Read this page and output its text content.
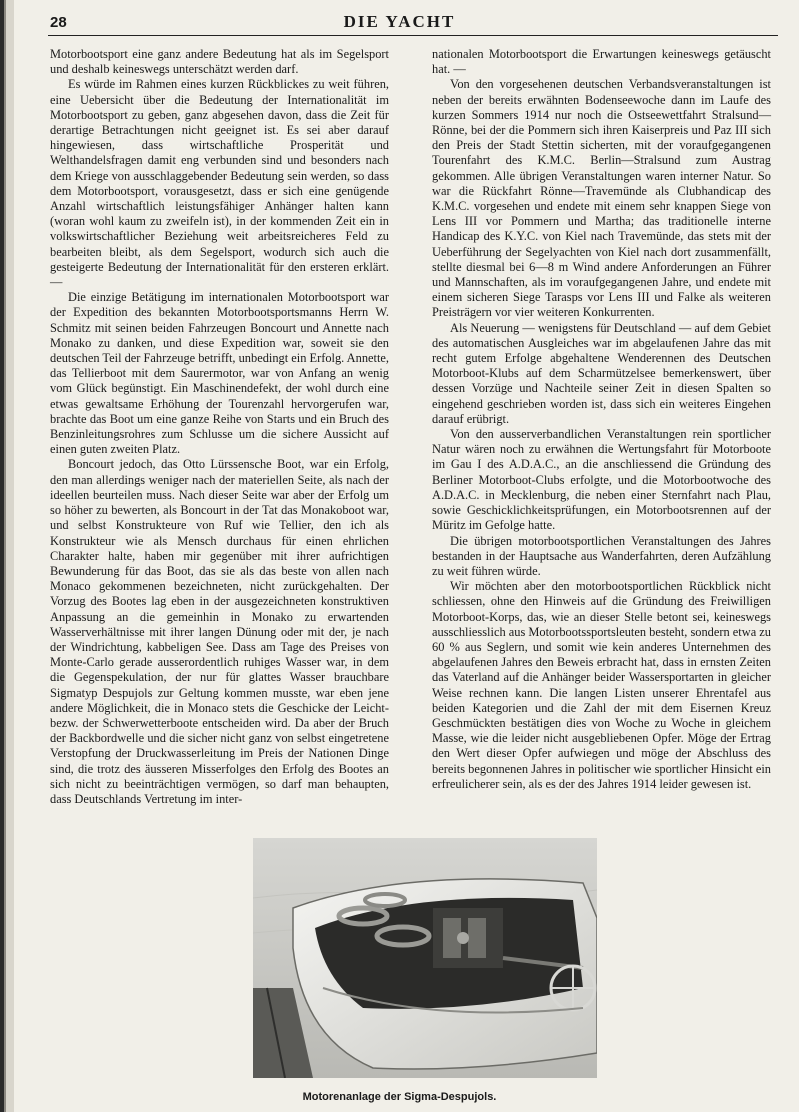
28	DIE YACHT

Motorbootsport eine ganz andere Bedeutung hat als im Segelsport und deshalb keineswegs unterschätzt werden darf.

Es würde im Rahmen eines kurzen Rückblickes zu weit führen, eine Uebersicht über die Bedeutung der Internationalität im Motorbootsport zu geben, ganz abgesehen davon, dass die Zeit für derartige Betrachtungen nicht geeignet ist. Es sei aber darauf hingewiesen, dass wirtschaftliche Prosperität und Welthandelsfragen damit eng verbunden sind und besonders nach dem Kriege von ausschlaggebender Bedeutung sein werden, so dass dem Motorbootsport, vorausgesetzt, dass er sich eine genügende Anzahl wirtschaftlich leistungsfähiger Anhänger halten kann (woran wohl kaum zu zweifeln ist), in der kommenden Zeit ein in volkswirtschaftlicher Beziehung weit arbeitsreicheres Feld zu bearbeiten bleibt, als dem Segelsport, wodurch sich auch die gesteigerte Bedeutung der Internationalität für den ersteren erklärt. —

Die einzige Betätigung im internationalen Motorbootsport war der Expedition des bekannten Motorbootsportsmanns Herrn W. Schmitz mit seinen beiden Fahrzeugen Boncourt und Annette nach Monako zu danken, und diese Expedition war, soweit sie den deutschen Teil der Fahrzeuge betrifft, unbedingt ein Erfolg. Annette, das Tellierboot mit dem Saurermotor, war von Anfang an wenig vom Glück begünstigt. Ein Maschinendefekt, der wohl durch eine etwas gewaltsame Erhöhung der Tourenzahl hervorgerufen war, brachte das Boot um eine ganze Reihe von Starts und ein Bruch des Benzinleitungsrohres zum Schlusse um die sichere Aussicht auf einen guten zweiten Platz.

Boncourt jedoch, das Otto Lürssensche Boot, war ein Erfolg, den man allerdings weniger nach der materiellen Seite, als nach der ideellen beurteilen muss. Nach dieser Seite war aber der Erfolg um so höher zu bewerten, als Boncourt in der Tat das Monakoboot war, und selbst Konstrukteure von Ruf wie Tellier, den ich als Konstrukteur wie als Mensch durchaus für einen ehrlichen Charakter halte, haben mir gegenüber mit ihrer aufrichtigen Bewunderung für das Boot, das sie als das beste von allen nach Monaco gekommenen bezeichneten, nicht zurückgehalten. Der Vorzug des Bootes lag eben in der ausgezeichneten konstruktiven Anpassung an die gemeinhin in Monako zu erwartenden Wasserverhältnisse mit ihrer langen Dünung oder mit der, je nach der Windrichtung, kabbeligen See. Dass am Tage des Preises von Monte-Carlo gerade ausserordentlich ruhiges Wasser war, in dem die Gegenspekulation, der nur für glattes Wasser brauchbare Sigmatyp Despujols zur Geltung kommen musste, war eben jene andere Möglichkeit, die in Monaco stets die Geschicke der Leicht- bezw. der Schwerwetterboote entscheiden wird. Da aber der Bruch der Backbordwelle und die sicher nicht ganz von selbst eingetretene Verstopfung der Druckwasserleitung im Preis der Nationen Dinge sind, die trotz des äusseren Misserfolges den Erfolg des Bootes an sich nicht zu beeinträchtigen vermögen, so darf man behaupten, dass Deutschlands Vertretung im inter-

nationalen Motorbootsport die Erwartungen keineswegs getäuscht hat. —

Von den vorgesehenen deutschen Verbandsveranstaltungen ist neben der bereits erwähnten Bodenseewoche dann im Laufe des kurzen Sommers 1914 nur noch die Ostseewettfahrt Stralsund—Rönne, bei der die Pommern sich ihren Kaiserpreis und Paz III sich den Preis der Stadt Stettin sicherten, mit der voraufgegangenen Tourenfahrt des K.M.C. Berlin—Stralsund zum Austrag gekommen. Alle übrigen Veranstaltungen waren interner Natur. So war die Rückfahrt Rönne—Travemünde als Clubhandicap des K.M.C. vorgesehen und endete mit einem sehr knappen Siege von Lens III vor Pommern und Martha; das traditionelle interne Handicap des K.Y.C. von Kiel nach Travemünde, das stets mit der Ueberführung der Segelyachten von Kiel nach dort zusammenfällt, stellte diesmal bei 6—8 m Wind andere Anforderungen an Führer und Mannschaften, als im voraufgegangenen Jahre, und endete mit einem sicheren Siege Tarasps vor Lens III und Falke als weiteren Preisträgern vor vier weiteren Konkurrenten.

Als Neuerung — wenigstens für Deutschland — auf dem Gebiet des automatischen Ausgleiches war im abgelaufenen Jahre das mit recht gutem Erfolge abgehaltene Wenderennen des Deutschen Motorboot-Klubs auf dem Scharmützelsee bemerkenswert, über dessen Vorzüge und Nachteile seiner Zeit in diesen Spalten so eingehend geschrieben worden ist, dass sich ein weiteres Eingehen darauf erübrigt.

Von den ausserverbandlichen Veranstaltungen rein sportlicher Natur wären noch zu erwähnen die Wertungsfahrt für Motorboote im Gau I des A.D.A.C., an die anschliessend die Gründung des Berliner Motorboot-Clubs erfolgte, und die Motorbootwoche des A.D.A.C. in Mecklenburg, die neben einer Sternfahrt nach Plau, sowie Geschicklichkeitsprüfungen, ein Motorbootsrennen auf der Müritz im Gefolge hatte.

Die übrigen motorbootsportlichen Veranstaltungen des Jahres bestanden in der Hauptsache aus Wanderfahrten, deren Aufzählung zu weit führen würde.

Wir möchten aber den motorbootsportlichen Rückblick nicht schliessen, ohne den Hinweis auf die Gründung des Freiwilligen Motorboot-Korps, das, wie an dieser Stelle betont sei, keineswegs ausschliesslich aus Motorbootssportsleuten besteht, sondern etwa zu 60 % aus Seglern, und somit wie kein anderes Unternehmen des abgelaufenen Jahres den Beweis erbracht hat, dass in ernsten Zeiten das Vaterland auf die Anhänger beider Wassersportarten in gleicher Weise rechnen kann. Die langen Listen unserer Ehrentafel aus beiden Kategorien und die Zahl der mit dem Eisernen Kreuz Geschmückten bestätigen dies von Woche zu Woche in gleichem Masse, wie die leider nicht ausgebliebenen Opfer. Möge der Ertrag den Wert dieser Opfer aufwiegen und möge der Abschluss des bereits begonnenen Jahres in politischer wie sportlicher Hinsicht ein erfreulicherer sein, als es der des Jahres 1914 leider gewesen ist.

Motorenanlage der Sigma-Despujols.
